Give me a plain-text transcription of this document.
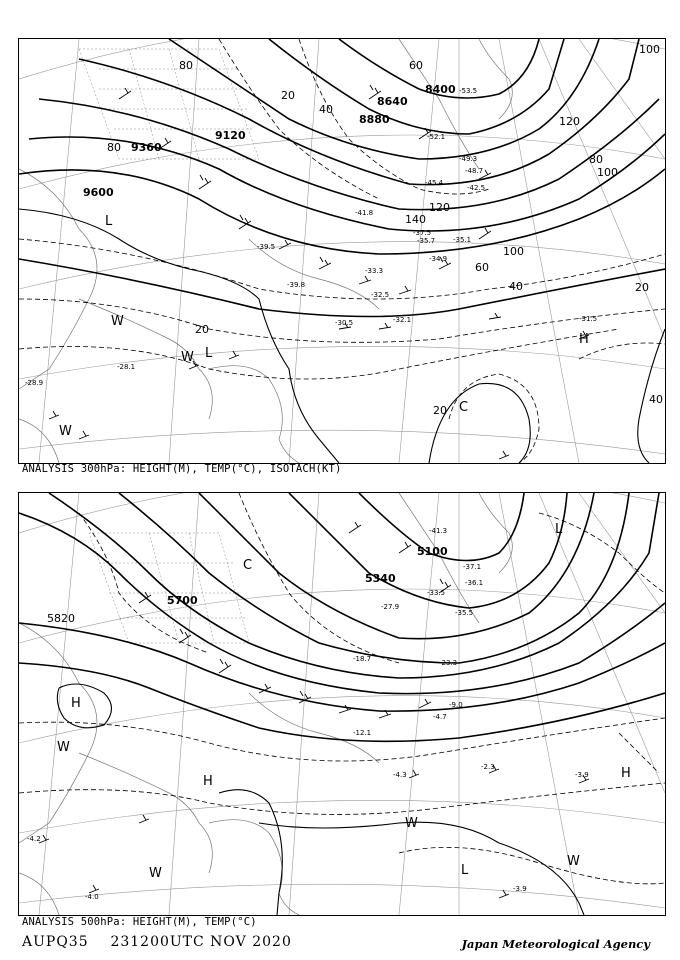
9600
9360
9120
8880
8640
8400
80
80
100
120
100
60
40	20
40
20
20
40
60
80
100
120
140
20	-53.5
-52.1
-49.3
-48.7
-45.4
-42.5
-41.8
-39.5
-39.8
-37.5
-35.7	-35.1
-34.9
-33.3
-32.5
-32.1	-31.5
-30.5
-28.9
-28.1
H
L
L
W
W
W
C
ANALYSIS 300hPa: HEIGHT(M), TEMP(°C), ISOTACH(KT)
5820
5700
5340
5100
-41.3
-37.1
-36.1
-35.5
-33.5
-27.9
-23.3
-18.7
-12.1
-9.0
-4.7
-4.3	-3.9
-2.3
-4.2
-4.0
-3.9
H
H
H
L
L
W
W
W
W
C
ANALYSIS 500hPa: HEIGHT(M), TEMP(°C)
AUPQ35 231200UTC NOV 2020	Japan Meteorological Agency
